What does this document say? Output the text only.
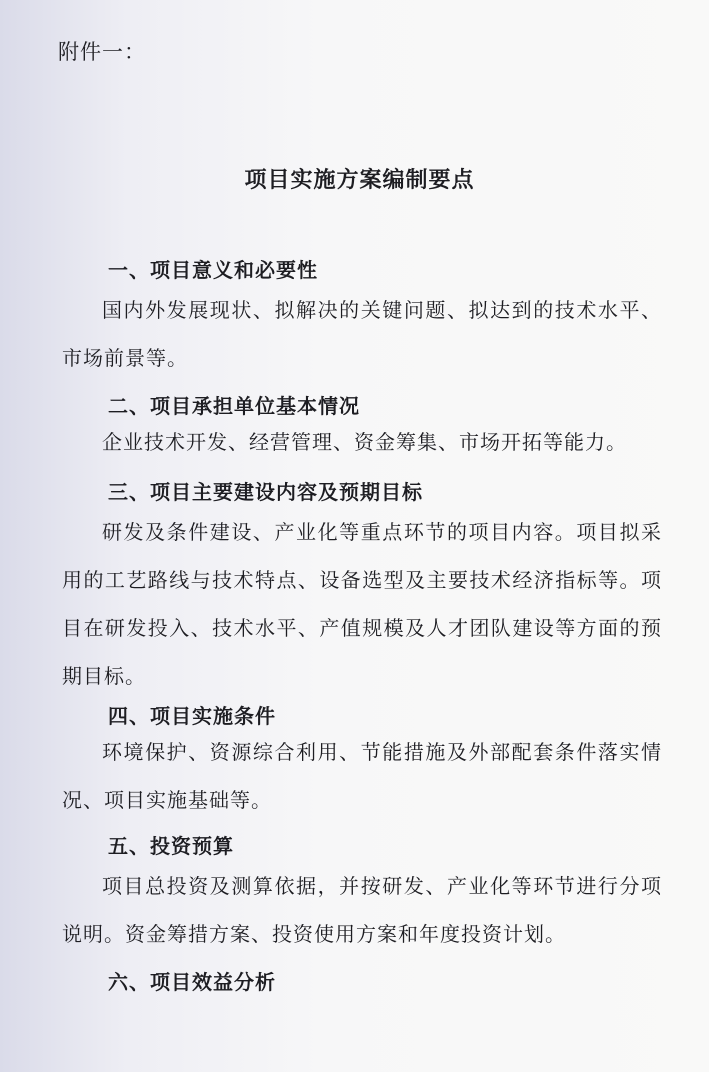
附件一：
项目实施方案编制要点
一、项目意义和必要性
国内外发展现状、拟解决的关键问题、拟达到的技术水平、市场前景等。
二、项目承担单位基本情况
企业技术开发、经营管理、资金筹集、市场开拓等能力。
三、项目主要建设内容及预期目标
研发及条件建设、产业化等重点环节的项目内容。项目拟采用的工艺路线与技术特点、设备选型及主要技术经济指标等。项目在研发投入、技术水平、产值规模及人才团队建设等方面的预期目标。
四、项目实施条件
环境保护、资源综合利用、节能措施及外部配套条件落实情况、项目实施基础等。
五、投资预算
项目总投资及测算依据，并按研发、产业化等环节进行分项说明。资金筹措方案、投资使用方案和年度投资计划。
六、项目效益分析
